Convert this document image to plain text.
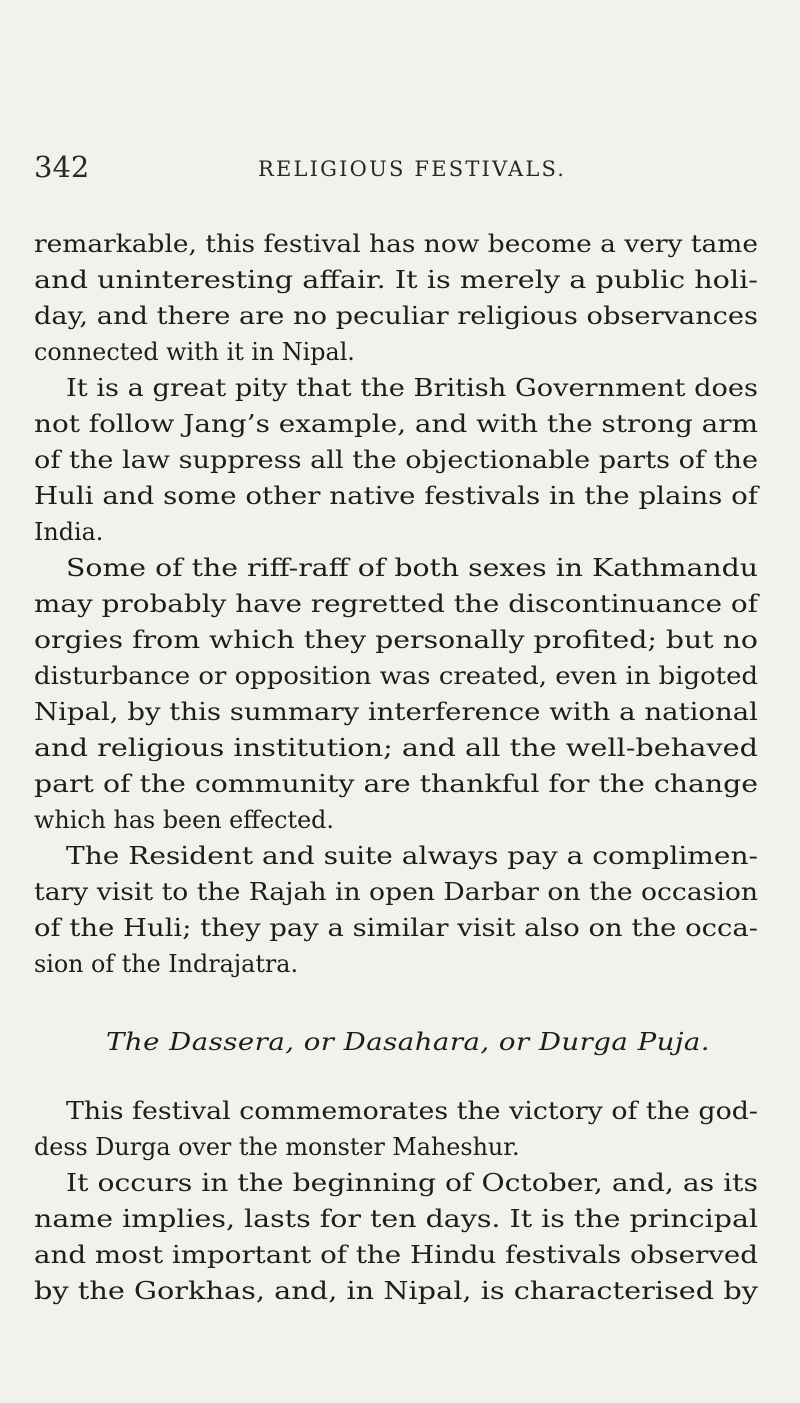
342	RELIGIOUS FESTIVALS.
remarkable, this festival has now become a very tame
and uninteresting affair. It is merely a public holi-
day, and there are no peculiar religious observances
connected with it in Nipal.
It is a great pity that the British Government does
not follow Jang’s example, and with the strong arm
of the law suppress all the objectionable parts of the
Huli and some other native festivals in the plains of
India.
Some of the riff-raff of both sexes in Kathmandu
may probably have regretted the discontinuance of
orgies from which they personally profited; but no
disturbance or opposition was created, even in bigoted
Nipal, by this summary interference with a national
and religious institution; and all the well-behaved
part of the community are thankful for the change
which has been effected.
The Resident and suite always pay a complimen-
tary visit to the Rajah in open Darbar on the occasion
of the Huli; they pay a similar visit also on the occa-
sion of the Indrajatra.
The Dassera, or Dasahara, or Durga Puja.
This festival commemorates the victory of the god-
dess Durga over the monster Maheshur.
It occurs in the beginning of October, and, as its
name implies, lasts for ten days. It is the principal
and most important of the Hindu festivals observed
by the Gorkhas, and, in Nipal, is characterised by
